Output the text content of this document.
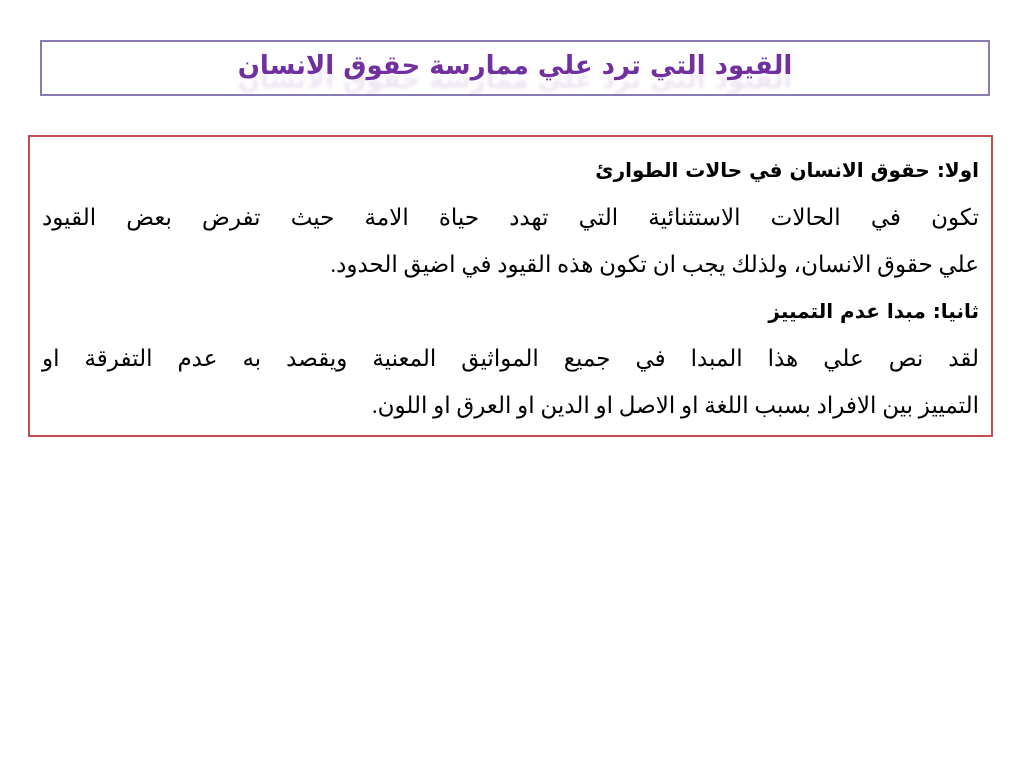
القيود التي ترد علي ممارسة حقوق الانسان
اولا: حقوق الانسان في حالات الطوارئ
تكون في الحالات الاستثنائية التي تهدد حياة الامة حيث تفرض بعض القيود
علي حقوق الانسان، ولذلك يجب ان تكون هذه القيود في اضيق الحدود.
ثانيا: مبدا عدم التمييز
لقد نص علي هذا المبدا في جميع المواثيق المعنية ويقصد به عدم التفرقة او
التمييز بين الافراد بسبب اللغة او الاصل او الدين او العرق او اللون.
